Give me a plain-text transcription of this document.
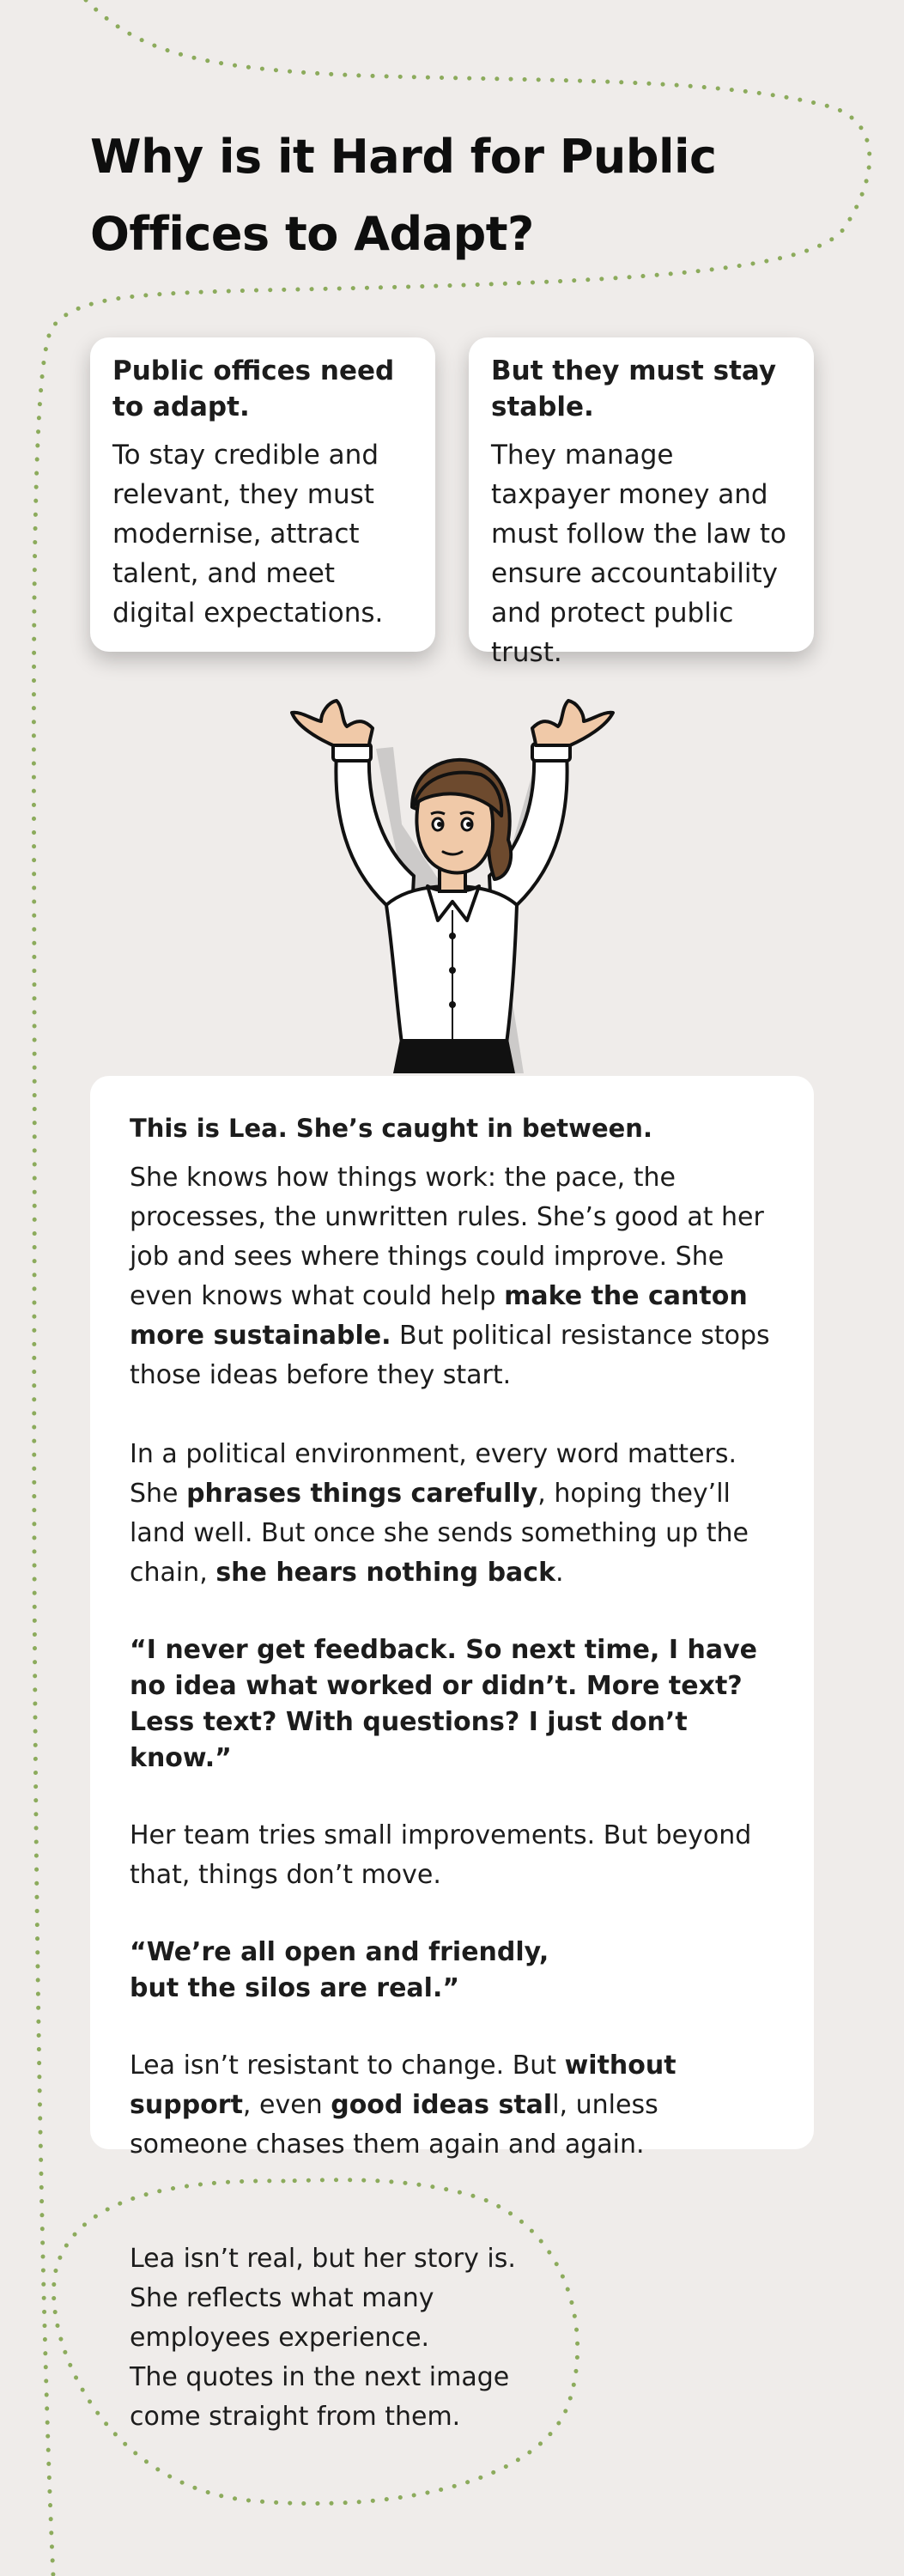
Why is it Hard for Public Offices to Adapt?
Public offices need to adapt.

To stay credible and relevant, they must modernise, attract talent, and meet digital expectations.

But they must stay stable.

They manage taxpayer money and must follow the law to ensure accountability and protect public trust.

This is Lea. She’s caught in between.

She knows how things work: the pace, the processes, the unwritten rules. She’s good at her job and sees where things could improve. She even knows what could help make the canton more sustainable. But political resistance stops those ideas before they start.

In a political environment, every word matters. She phrases things carefully, hoping they’ll land well. But once she sends something up the chain, she hears nothing back.

“I never get feedback. So next time, I have no idea what worked or didn’t. More text? Less text? With questions? I just don’t know.”

Her team tries small improvements. But beyond that, things don’t move.

“We’re all open and friendly,
but the silos are real.”

Lea isn’t resistant to change. But without support, even good ideas stall, unless someone chases them again and again.

Lea isn’t real, but her story is.
She reflects what many
employees experience.
The quotes in the next image
come straight from them.
